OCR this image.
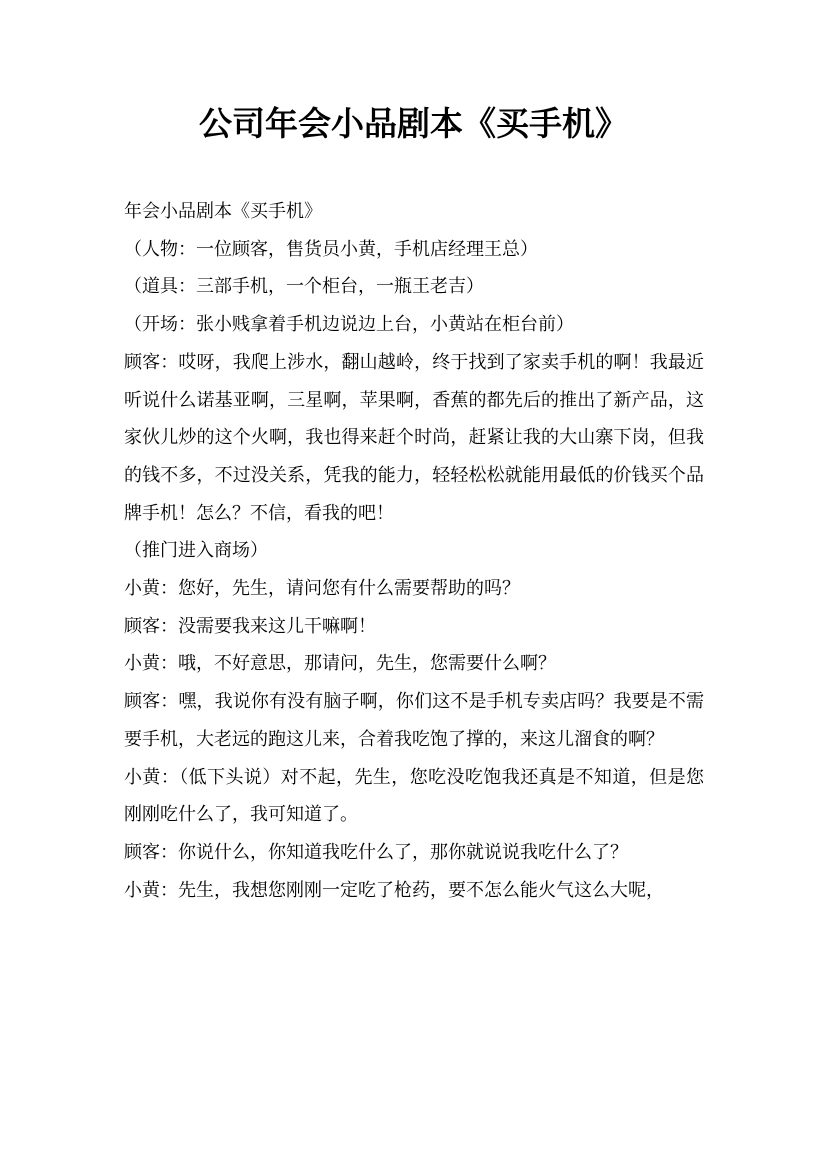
公司年会小品剧本《买手机》

年会小品剧本《买手机》

（人物：一位顾客，售货员小黄，手机店经理王总）

（道具：三部手机，一个柜台，一瓶王老吉）

（开场：张小贱拿着手机边说边上台，小黄站在柜台前）

顾客：哎呀，我爬上涉水，翻山越岭，终于找到了家卖手机的啊！我最近听说什么诺基亚啊，三星啊，苹果啊，香蕉的都先后的推出了新产品，这家伙儿炒的这个火啊，我也得来赶个时尚，赶紧让我的大山寨下岗，但我的钱不多，不过没关系，凭我的能力，轻轻松松就能用最低的价钱买个品牌手机！怎么？不信，看我的吧！

（推门进入商场）

小黄：您好，先生，请问您有什么需要帮助的吗？

顾客：没需要我来这儿干嘛啊！

小黄：哦，不好意思，那请问，先生，您需要什么啊？

顾客：嘿，我说你有没有脑子啊，你们这不是手机专卖店吗？我要是不需要手机，大老远的跑这儿来，合着我吃饱了撑的，来这儿溜食的啊？

小黄：（低下头说）对不起，先生，您吃没吃饱我还真是不知道，但是您刚刚吃什么了，我可知道了。

顾客：你说什么，你知道我吃什么了，那你就说说我吃什么了？

小黄：先生，我想您刚刚一定吃了枪药，要不怎么能火气这么大呢，
